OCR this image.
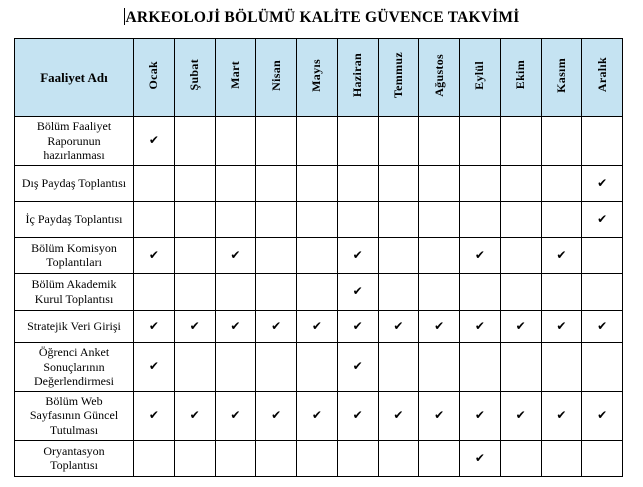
ARKEOLOJİ BÖLÜMÜ KALİTE GÜVENCE TAKVİMİ
Faaliyet Adı	Ocak	Şubat	Mart	Nisan	Mayıs	Haziran	Temmuz	Ağustos	Eylül	Ekim	Kasım	Aralık
Bölüm Faaliyet Raporunun hazırlanması	✔											
Dış Paydaş Toplantısı												✔
İç Paydaş Toplantısı												✔
Bölüm Komisyon Toplantıları	✔		✔			✔			✔		✔	
Bölüm Akademik Kurul Toplantısı						✔						
Stratejik Veri Girişi	✔	✔	✔	✔	✔	✔	✔	✔	✔	✔	✔	✔
Öğrenci Anket Sonuçlarının Değerlendirmesi	✔					✔						
Bölüm Web Sayfasının Güncel Tutulması	✔	✔	✔	✔	✔	✔	✔	✔	✔	✔	✔	✔
Oryantasyon Toplantısı									✔			
